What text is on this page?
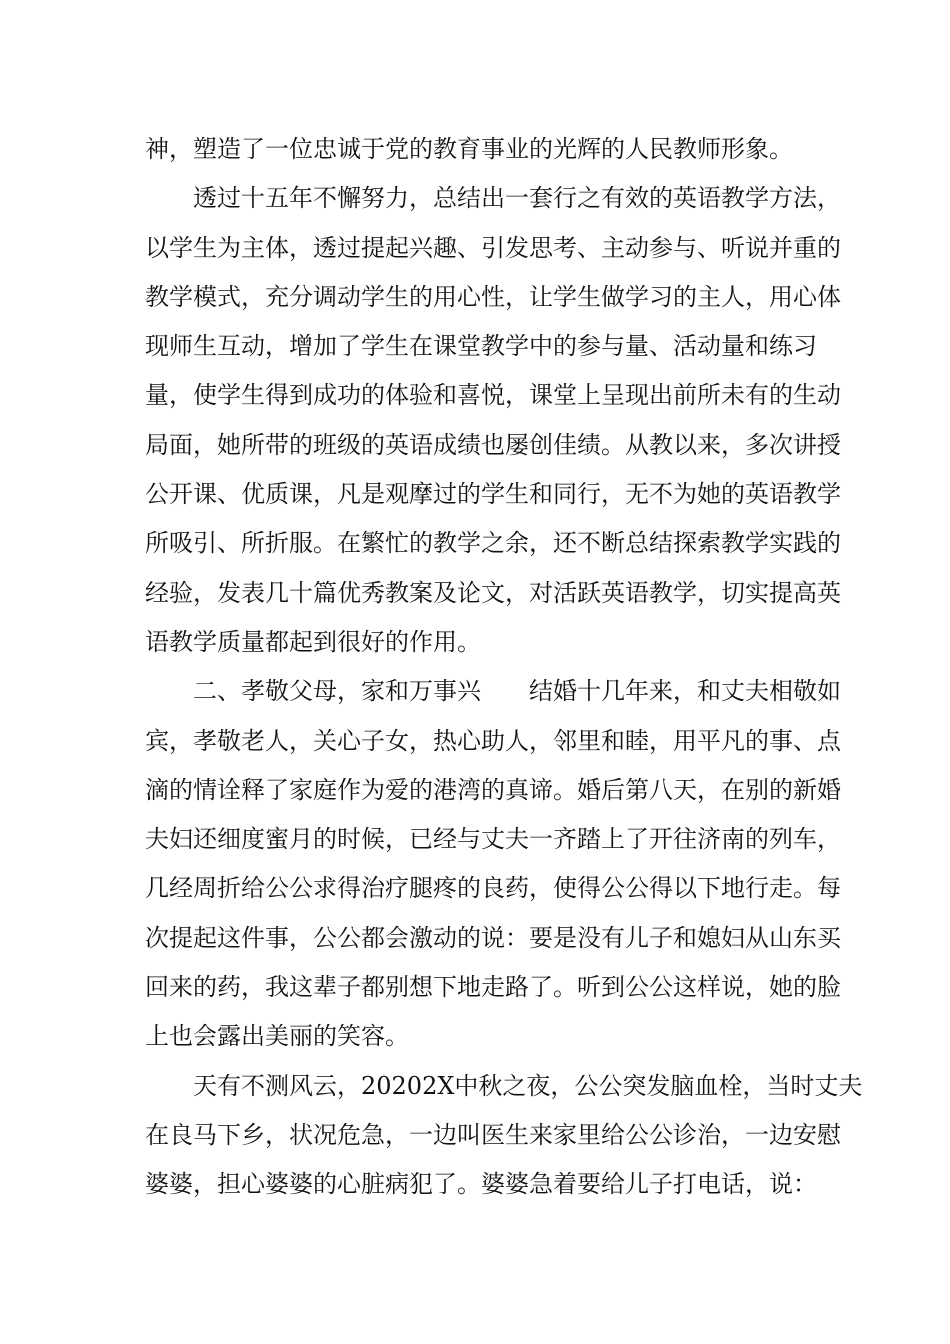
神，塑造了一位忠诚于党的教育事业的光辉的人民教师形象。
透过十五年不懈努力，总结出一套行之有效的英语教学方法，
以学生为主体，透过提起兴趣、引发思考、主动参与、听说并重的
教学模式，充分调动学生的用心性，让学生做学习的主人，用心体
现师生互动，增加了学生在课堂教学中的参与量、活动量和练习
量，使学生得到成功的体验和喜悦，课堂上呈现出前所未有的生动
局面，她所带的班级的英语成绩也屡创佳绩。从教以来，多次讲授
公开课、优质课，凡是观摩过的学生和同行，无不为她的英语教学
所吸引、所折服。在繁忙的教学之余，还不断总结探索教学实践的
经验，发表几十篇优秀教案及论文，对活跃英语教学，切实提高英
语教学质量都起到很好的作用。
二、孝敬父母，家和万事兴　　结婚十几年来，和丈夫相敬如
宾，孝敬老人，关心子女，热心助人，邻里和睦，用平凡的事、点
滴的情诠释了家庭作为爱的港湾的真谛。婚后第八天，在别的新婚
夫妇还细度蜜月的时候，已经与丈夫一齐踏上了开往济南的列车，
几经周折给公公求得治疗腿疼的良药，使得公公得以下地行走。每
次提起这件事，公公都会激动的说：要是没有儿子和媳妇从山东买
回来的药，我这辈子都别想下地走路了。听到公公这样说，她的脸
上也会露出美丽的笑容。
天有不测风云，20202X中秋之夜，公公突发脑血栓，当时丈夫
在良马下乡，状况危急，一边叫医生来家里给公公诊治，一边安慰
婆婆，担心婆婆的心脏病犯了。婆婆急着要给儿子打电话，说：
